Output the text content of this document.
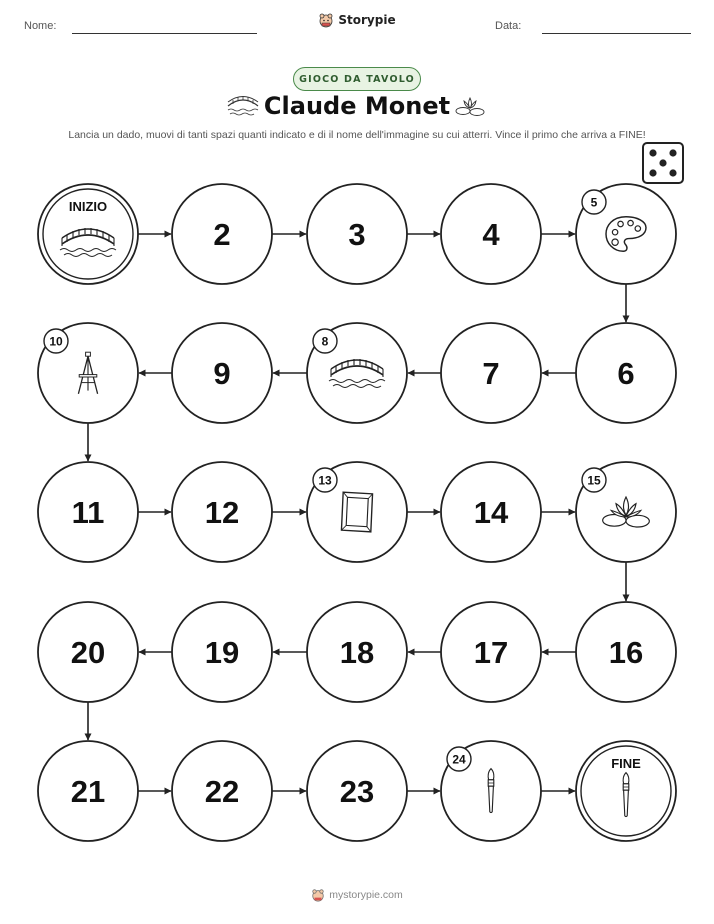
Nome:	Data:
Storypie
GIOCO DA TAVOLO
Claude Monet
Lancia un dado, muovi di tanti spazi quanti indicato e di il nome dell'immagine su cui atterri. Vince il primo che arriva a FINE!
INIZIO
2	3	4
5
6
7
8
9
10
11	12
13
14
15
16
17
18
19
20
21	22	23
24	FINE
mystorypie.com
